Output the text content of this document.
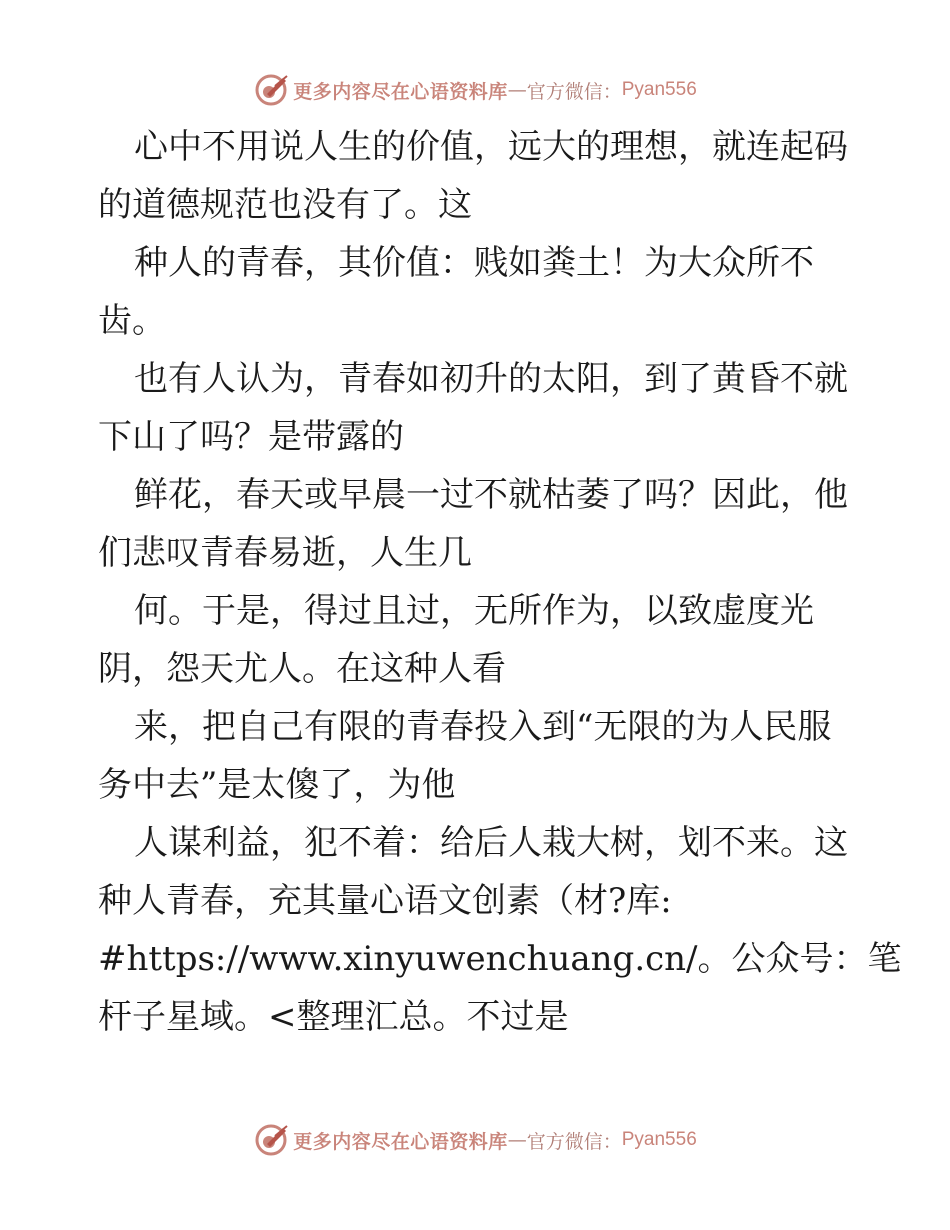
更多内容尽在心语资料库 — 官方微信： Pyan556
心中不用说人生的价值，远大的理想，就连起码
的道德规范也没有了。这
种人的青春，其价值：贱如粪土！为大众所不
齿。
也有人认为，青春如初升的太阳，到了黄昏不就
下山了吗？是带露的
鲜花，春天或早晨一过不就枯萎了吗？因此，他
们悲叹青春易逝，人生几
何。于是，得过且过，无所作为，以致虚度光
阴，怨天尤人。在这种人看
来，把自己有限的青春投入到“无限的为人民服
务中去”是太傻了，为他
人谋利益，犯不着：给后人栽大树，划不来。这
种人青春，充其量心语文创素（材?库:
#https://www.xinyuwenchuang.cn/。公众号：笔
杆子星域。<整理汇总。不过是
更多内容尽在心语资料库 — 官方微信： Pyan556
